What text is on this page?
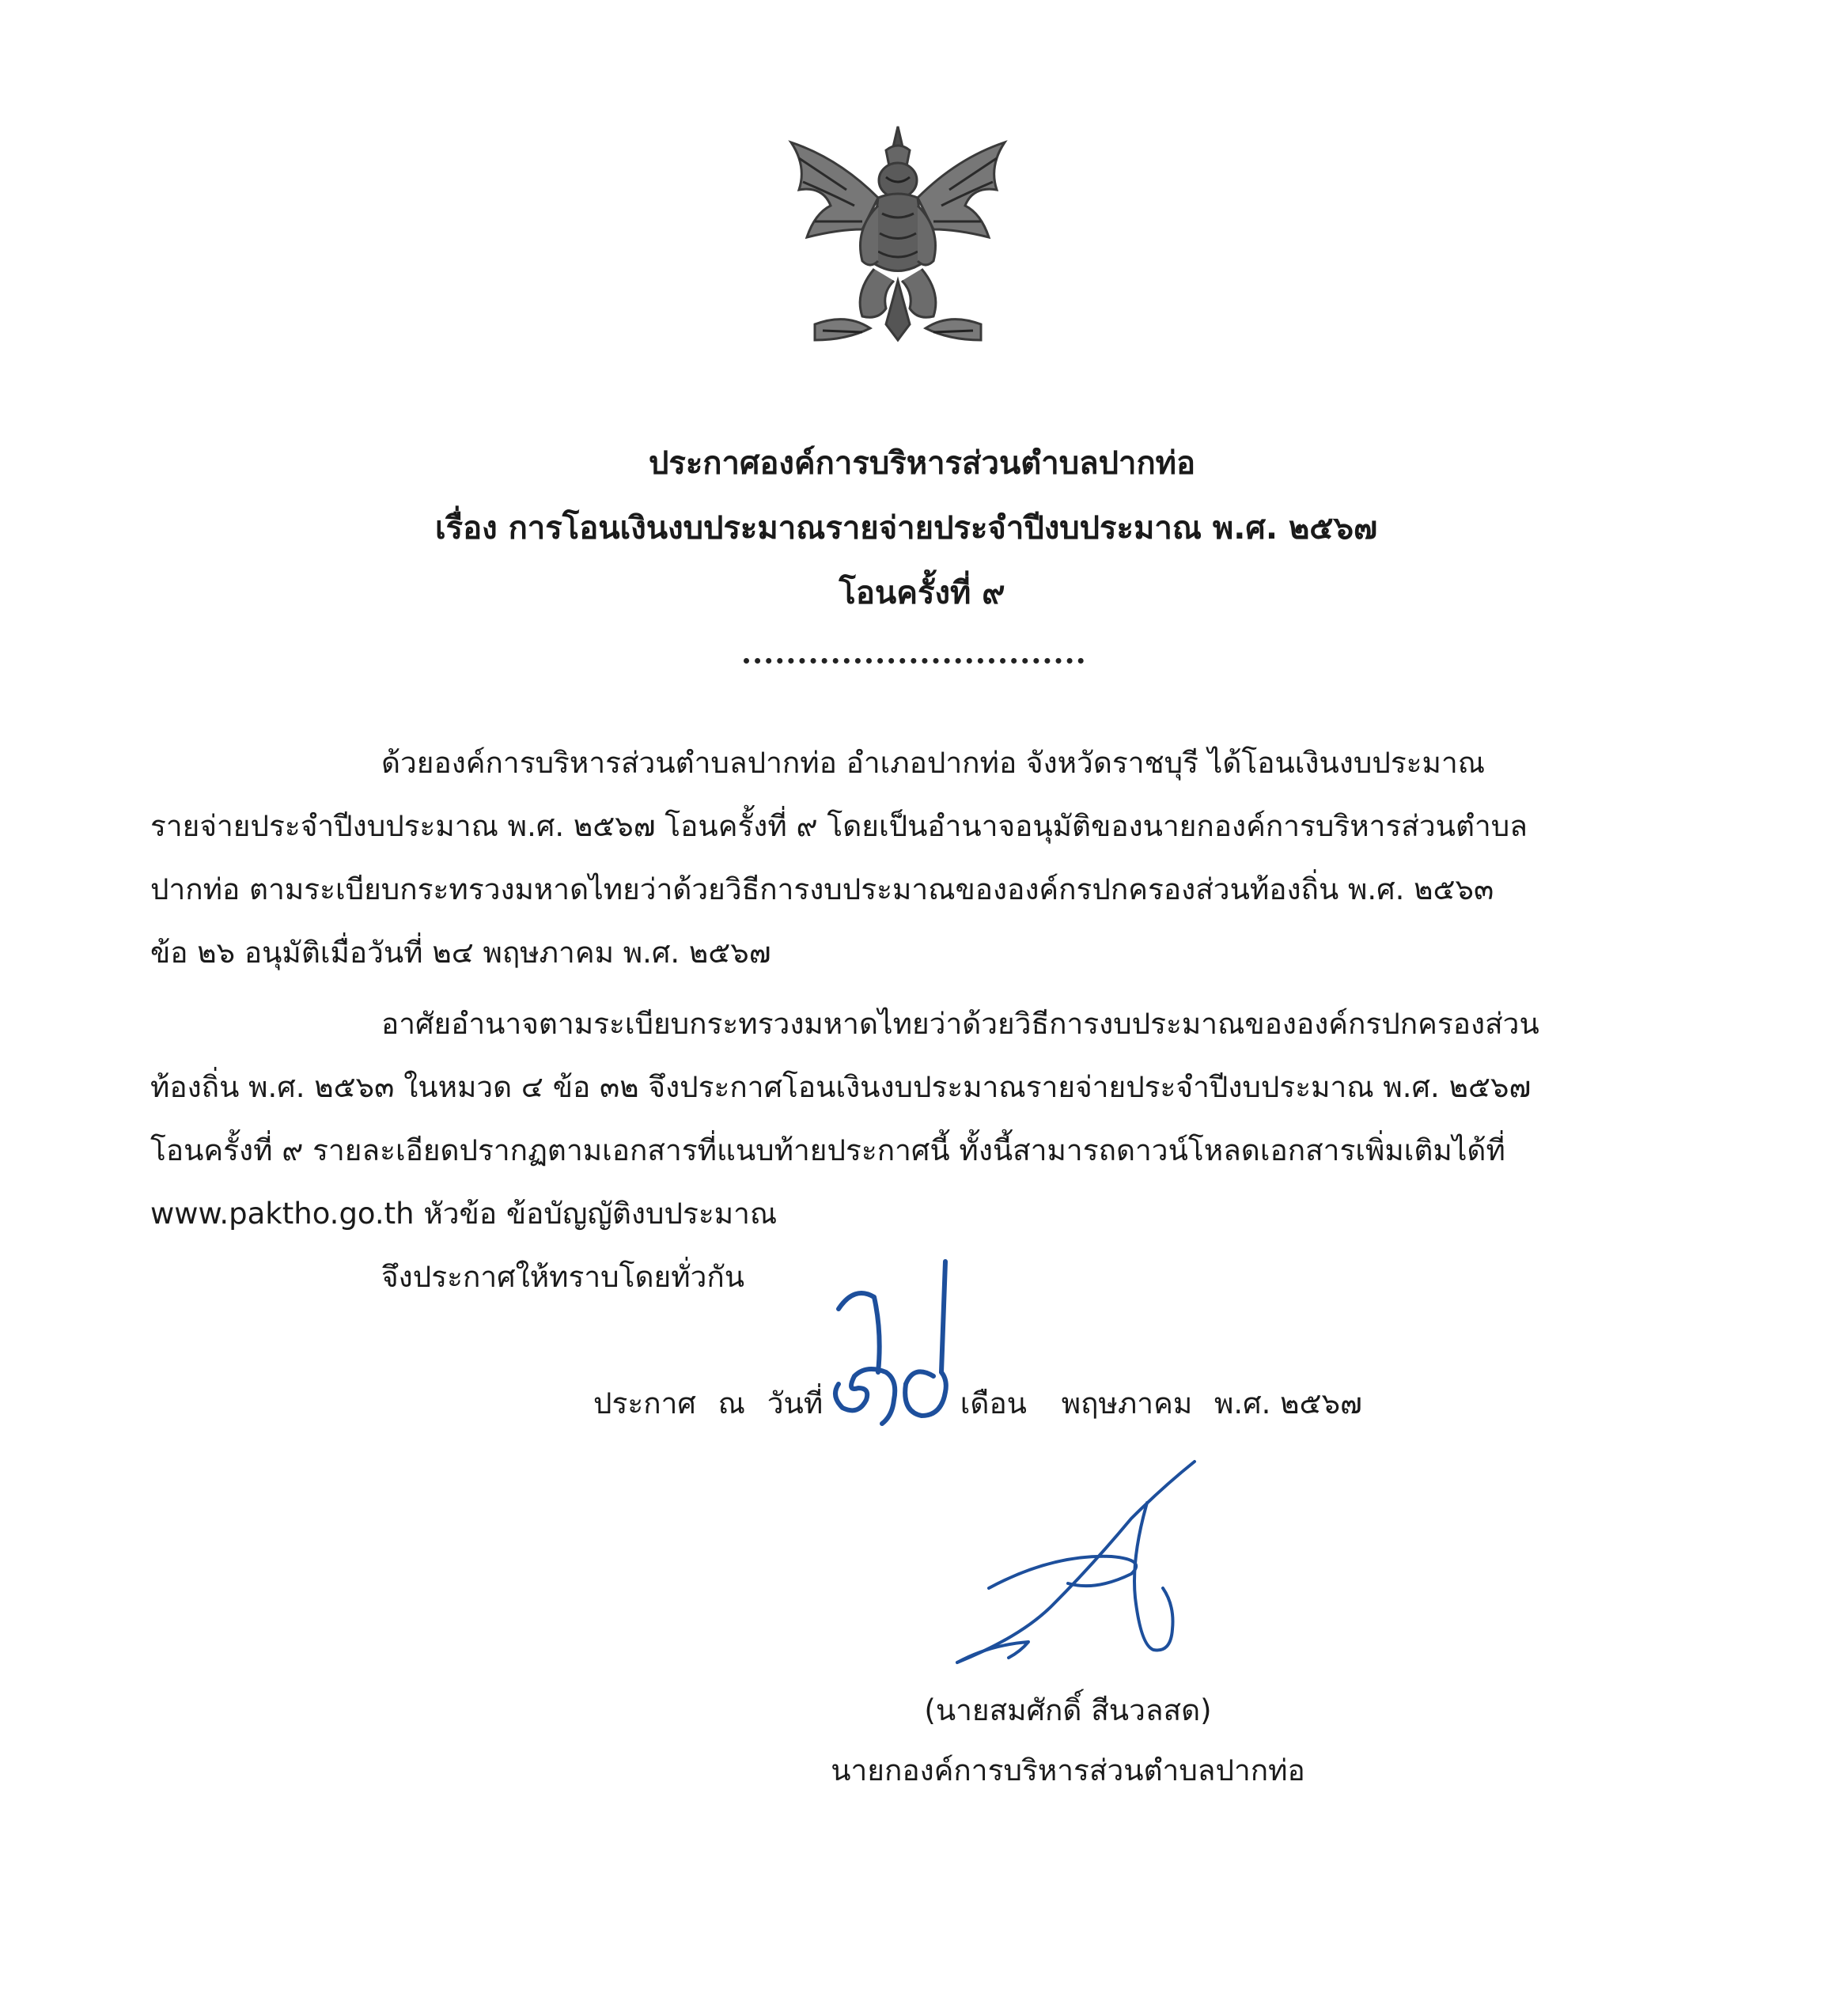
ประกาศองค์การบริหารส่วนตำบลปากท่อ
เรื่อง การโอนเงินงบประมาณรายจ่ายประจำปีงบประมาณ พ.ศ. ๒๕๖๗
โอนครั้งที่ ๙
ด้วยองค์การบริหารส่วนตำบลปากท่อ อำเภอปากท่อ จังหวัดราชบุรี ได้โอนเงินงบประมาณ
รายจ่ายประจำปีงบประมาณ พ.ศ. ๒๕๖๗ โอนครั้งที่ ๙ โดยเป็นอำนาจอนุมัติของนายกองค์การบริหารส่วนตำบล
ปากท่อ ตามระเบียบกระทรวงมหาดไทยว่าด้วยวิธีการงบประมาณขององค์กรปกครองส่วนท้องถิ่น พ.ศ. ๒๕๖๓
ข้อ ๒๖ อนุมัติเมื่อวันที่ ๒๔ พฤษภาคม พ.ศ. ๒๕๖๗
อาศัยอำนาจตามระเบียบกระทรวงมหาดไทยว่าด้วยวิธีการงบประมาณขององค์กรปกครองส่วน
ท้องถิ่น พ.ศ. ๒๕๖๓ ในหมวด ๔ ข้อ ๓๒ จึงประกาศโอนเงินงบประมาณรายจ่ายประจำปีงบประมาณ พ.ศ. ๒๕๖๗
โอนครั้งที่ ๙ รายละเอียดปรากฏตามเอกสารที่แนบท้ายประกาศนี้ ทั้งนี้สามารถดาวน์โหลดเอกสารเพิ่มเติมได้ที่
www.paktho.go.th หัวข้อ ข้อบัญญัติงบประมาณ
จึงประกาศให้ทราบโดยทั่วกัน
ประกาศ ณ วันที่	เดือน พฤษภาคม พ.ศ. ๒๕๖๗
(นายสมศักดิ์ สีนวลสด)
นายกองค์การบริหารส่วนตำบลปากท่อ
